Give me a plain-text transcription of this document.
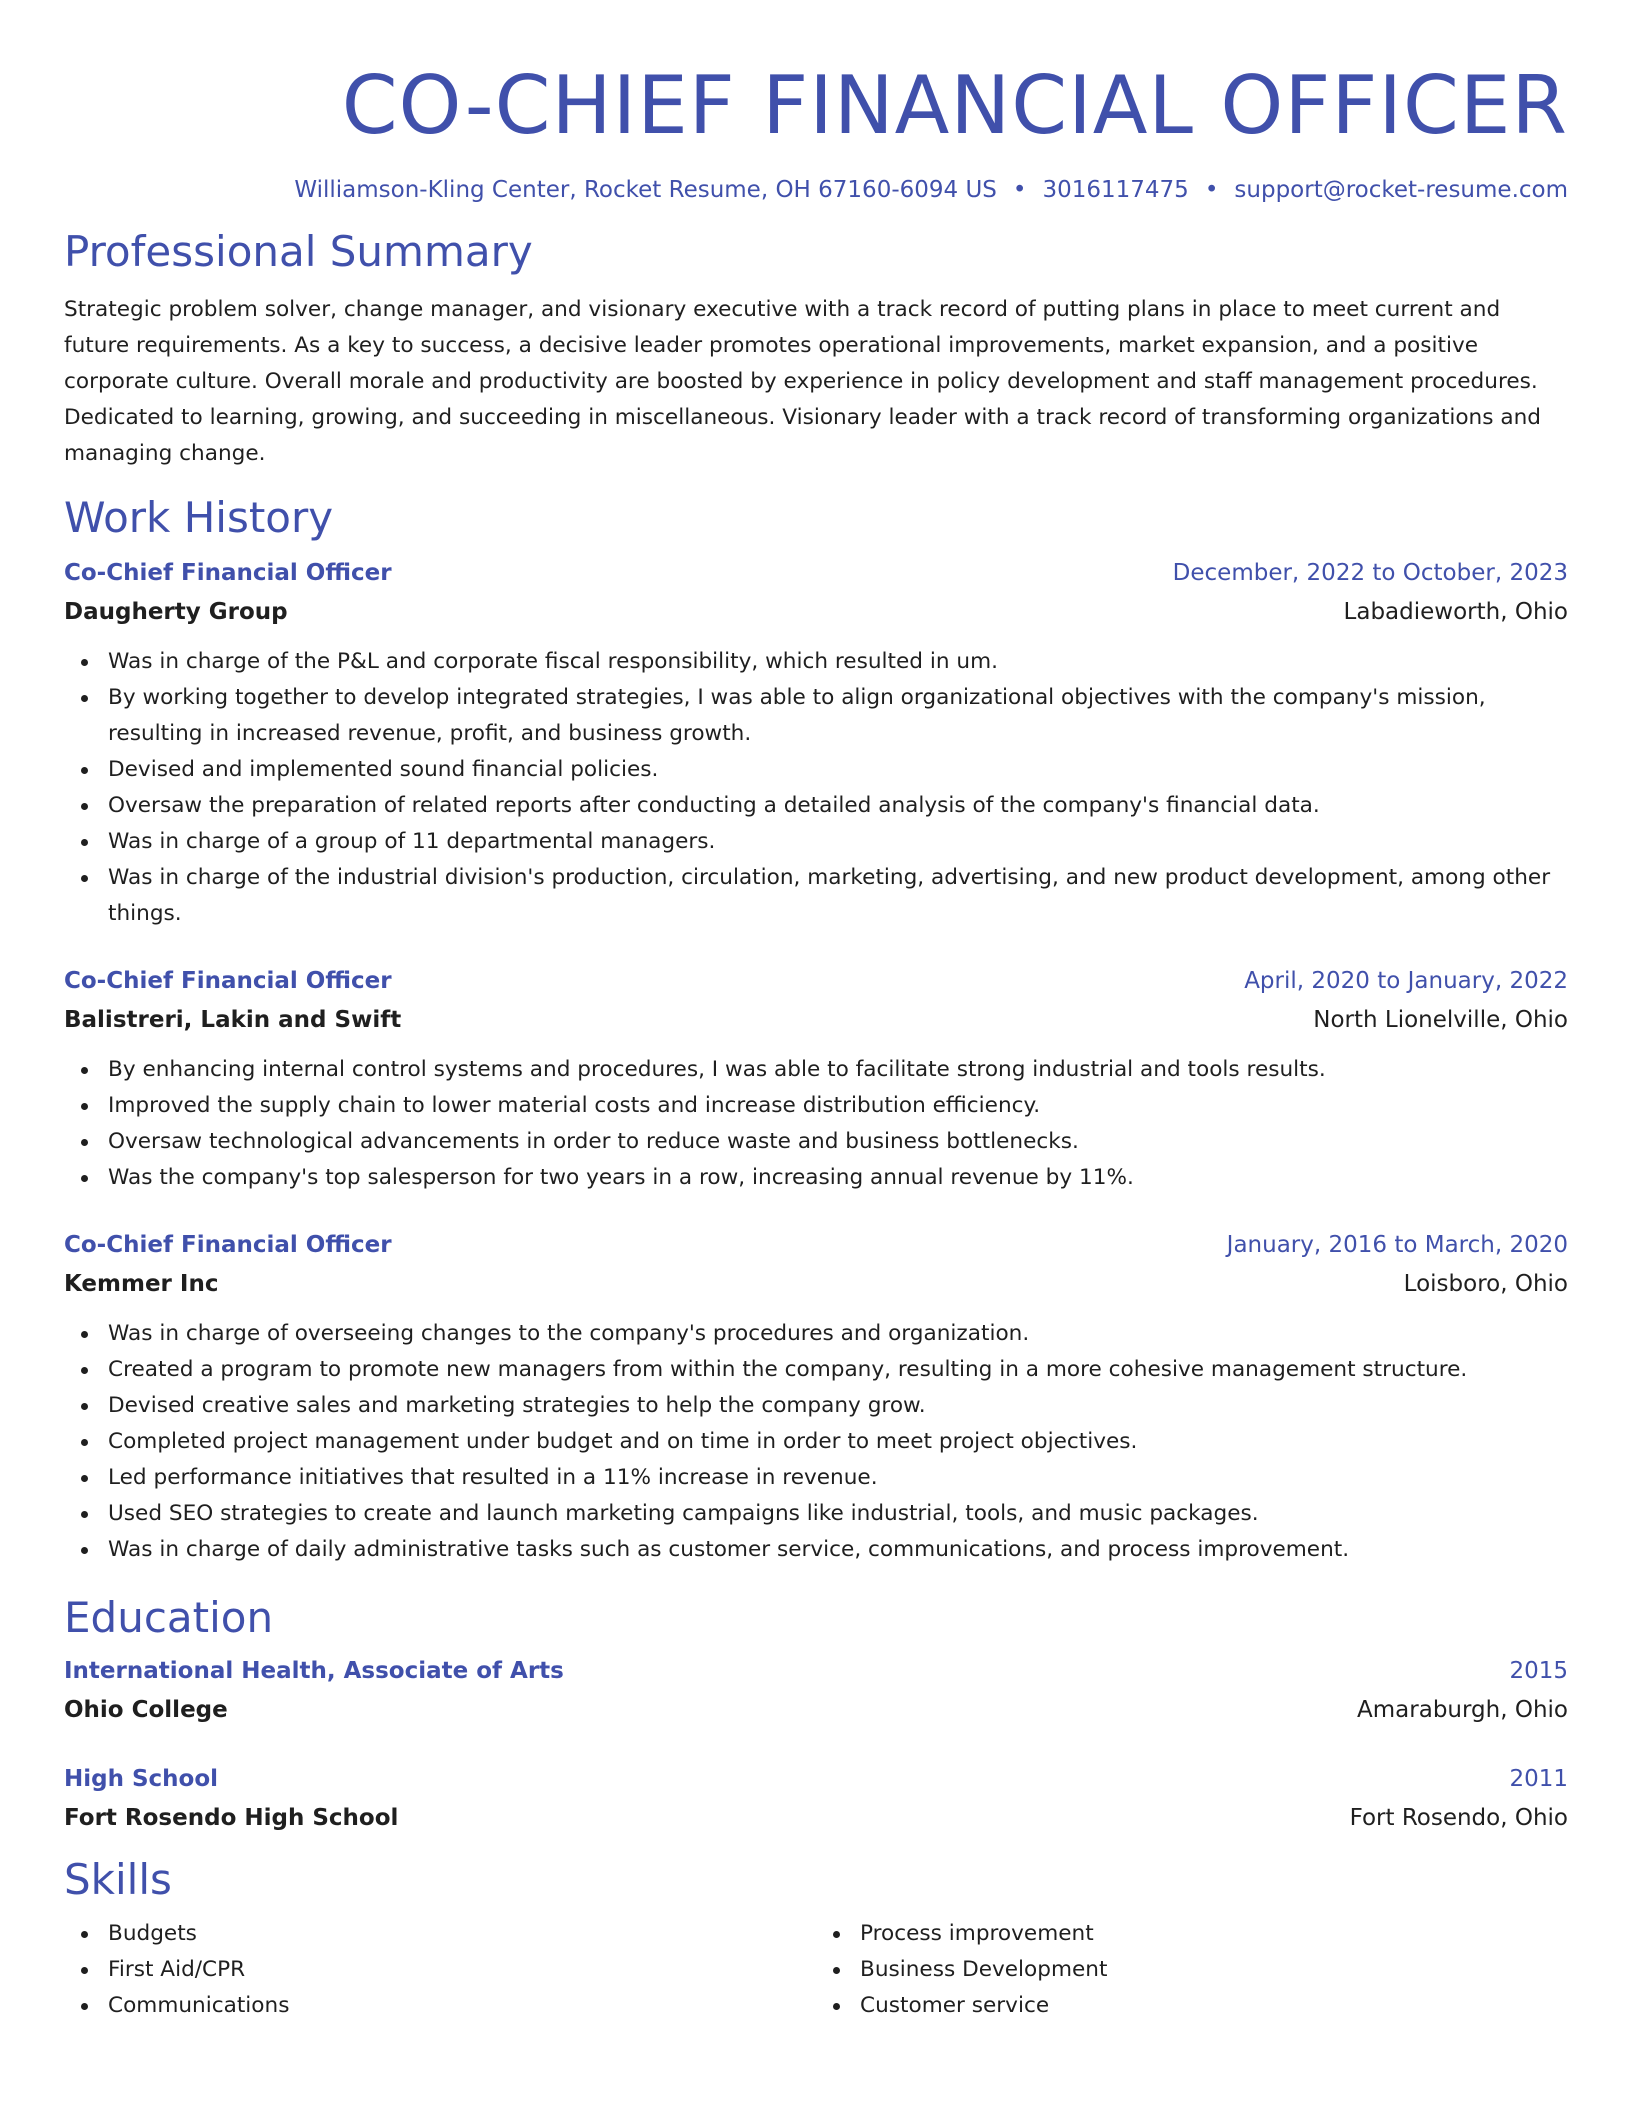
CO-CHIEF FINANCIAL OFFICER
Williamson-Kling Center, Rocket Resume, OH 67160-6094 US • 3016117475 • support@rocket-resume.com
Professional Summary

Strategic problem solver, change manager, and visionary executive with a track record of putting plans in place to meet current and future requirements. As a key to success, a decisive leader promotes operational improvements, market expansion, and a positive corporate culture. Overall morale and productivity are boosted by experience in policy development and staff management procedures. Dedicated to learning, growing, and succeeding in miscellaneous. Visionary leader with a track record of transforming organizations and managing change.

Work History
Co-Chief Financial Officer	December, 2022 to October, 2023
Daugherty Group	Labadieworth, Ohio
Was in charge of the P&L and corporate fiscal responsibility, which resulted in um.
By working together to develop integrated strategies, I was able to align organizational objectives with the company's mission, resulting in increased revenue, profit, and business growth.
Devised and implemented sound financial policies.
Oversaw the preparation of related reports after conducting a detailed analysis of the company's financial data.
Was in charge of a group of 11 departmental managers.
Was in charge of the industrial division's production, circulation, marketing, advertising, and new product development, among other things.
Co-Chief Financial Officer	April, 2020 to January, 2022
Balistreri, Lakin and Swift	North Lionelville, Ohio
By enhancing internal control systems and procedures, I was able to facilitate strong industrial and tools results.
Improved the supply chain to lower material costs and increase distribution efficiency.
Oversaw technological advancements in order to reduce waste and business bottlenecks.
Was the company's top salesperson for two years in a row, increasing annual revenue by 11%.
Co-Chief Financial Officer	January, 2016 to March, 2020
Kemmer Inc	Loisboro, Ohio
Was in charge of overseeing changes to the company's procedures and organization.
Created a program to promote new managers from within the company, resulting in a more cohesive management structure.
Devised creative sales and marketing strategies to help the company grow.
Completed project management under budget and on time in order to meet project objectives.
Led performance initiatives that resulted in a 11% increase in revenue.
Used SEO strategies to create and launch marketing campaigns like industrial, tools, and music packages.
Was in charge of daily administrative tasks such as customer service, communications, and process improvement.
Education
International Health, Associate of Arts	2015
Ohio College	Amaraburgh, Ohio
High School	2011
Fort Rosendo High School	Fort Rosendo, Ohio
Skills
Budgets
First Aid/CPR
Communications
Process improvement
Business Development
Customer service
